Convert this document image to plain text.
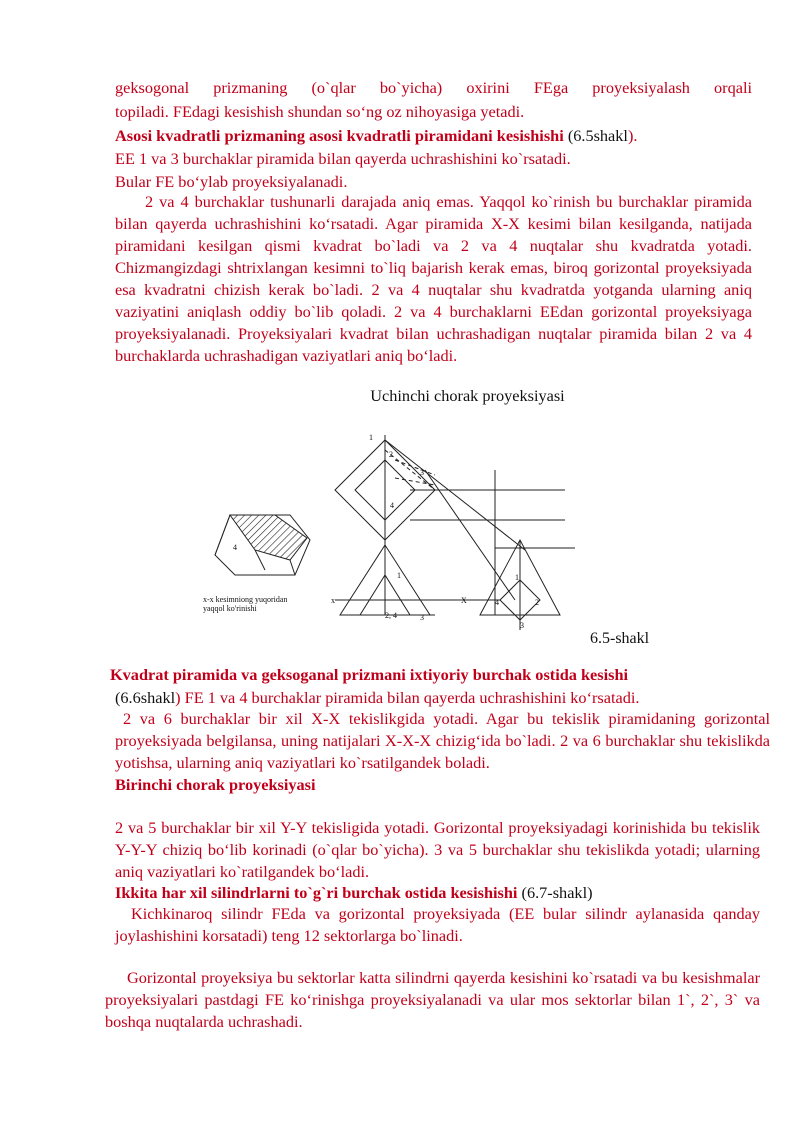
geksogonal prizmaning (o`qlar bo`yicha) oxirini FEga proyeksiyalash orqali
topiladi. FEdagi kesishish shundan so‘ng oz nihoyasiga yetadi.
Asosi kvadratli prizmaning asosi kvadratli piramidani kesishishi (6.5shakl).
EE 1 va 3 burchaklar piramida bilan qayerda uchrashishini ko`rsatadi.
Bular FE bo‘ylab proyeksiyalanadi.
2 va 4 burchaklar tushunarli darajada aniq emas. Yaqqol ko`rinish bu burchaklar piramida bilan qayerda uchrashishini ko‘rsatadi. Agar piramida X-X kesimi bilan kesilganda, natijada piramidani kesilgan qismi kvadrat bo`ladi va 2 va 4 nuqtalar shu kvadratda yotadi. Chizmangizdagi shtrixlangan kesimni to`liq bajarish kerak emas, biroq gorizontal proyeksiyada esa kvadratni chizish kerak bo`ladi. 2 va 4 nuqtalar shu kvadratda yotganda ularning aniq vaziyatini aniqlash oddiy bo`lib qoladi. 2 va 4 burchaklarni EEdan gorizontal proyeksiyaga proyeksiyalanadi. Proyeksiyalari kvadrat bilan uchrashadigan nuqtalar piramida bilan 2 va 4 burchaklarda uchrashadigan vaziyatlari aniq bo‘ladi.
Uchinchi chorak proyeksiyasi
x-x kesimniong yuqoridan
yaqqol ko'rinishi
x	X
1
2
3
4
1
2, 4	3
1
4	2
3
4
6.5-shakl
Kvadrat piramida va geksoganal prizmani ixtiyoriy burchak ostida kesishi
(6.6shakl) FE 1 va 4 burchaklar piramida bilan qayerda uchrashishini ko‘rsatadi.
2 va 6 burchaklar bir xil X-X tekislikgida yotadi. Agar bu tekislik piramidaning gorizontal proyeksiyada belgilansa, uning natijalari X-X-X chizig‘ida bo`ladi. 2 va 6 burchaklar shu tekislikda yotishsa, ularning aniq vaziyatlari ko`rsatilgandek boladi.
Birinchi chorak proyeksiyasi
2 va 5 burchaklar bir xil Y-Y tekisligida yotadi. Gorizontal proyeksiyadagi korinishida bu tekislik Y-Y-Y chiziq bo‘lib korinadi (o`qlar bo`yicha). 3 va 5 burchaklar shu tekislikda yotadi; ularning aniq vaziyatlari ko`ratilgandek bo‘ladi.
Ikkita har xil silindrlarni to`g`ri burchak ostida kesishishi (6.7-shakl)
Kichkinaroq silindr FEda va gorizontal proyeksiyada (EE bular silindr aylanasida qanday joylashishini korsatadi) teng 12 sektorlarga bo`linadi.
Gorizontal proyeksiya bu sektorlar katta silindrni qayerda kesishini ko`rsatadi va bu kesishmalar proyeksiyalari pastdagi FE ko‘rinishga proyeksiyalanadi va ular mos sektorlar bilan 1`, 2`, 3` va boshqa nuqtalarda uchrashadi.
